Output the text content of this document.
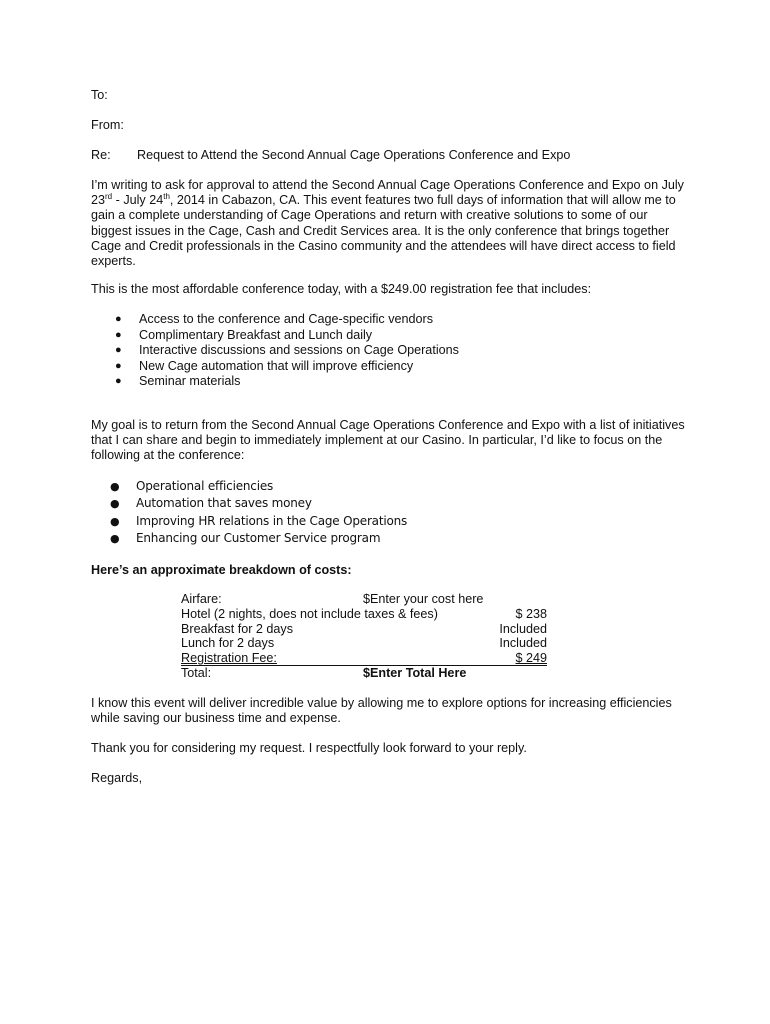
To:
From:
Re: Request to Attend the Second Annual Cage Operations Conference and Expo
I’m writing to ask for approval to attend the Second Annual Cage Operations Conference and Expo on July 23rd - July 24th, 2014 in Cabazon, CA. This event features two full days of information that will allow me to gain a complete understanding of Cage Operations and return with creative solutions to some of our biggest issues in the Cage, Cash and Credit Services area. It is the only conference that brings together Cage and Credit professionals in the Casino community and the attendees will have direct access to field experts.
This is the most affordable conference today, with a $249.00 registration fee that includes:
● Access to the conference and Cage-specific vendors
● Complimentary Breakfast and Lunch daily
● Interactive discussions and sessions on Cage Operations
● New Cage automation that will improve efficiency
● Seminar materials
My goal is to return from the Second Annual Cage Operations Conference and Expo with a list of initiatives that I can share and begin to immediately implement at our Casino. In particular, I’d like to focus on the following at the conference:
● Operational efficiencies
● Automation that saves money
● Improving HR relations in the Cage Operations
● Enhancing our Customer Service program
Here’s an approximate breakdown of costs:
Airfare:	$Enter your cost here
Hotel (2 nights, does not include taxes & fees)	$ 238
Breakfast for 2 days	Included
Lunch for 2 days	Included
Registration Fee:	$ 249
Total:	$Enter Total Here
I know this event will deliver incredible value by allowing me to explore options for increasing efficiencies while saving our business time and expense.
Thank you for considering my request. I respectfully look forward to your reply.
Regards,
